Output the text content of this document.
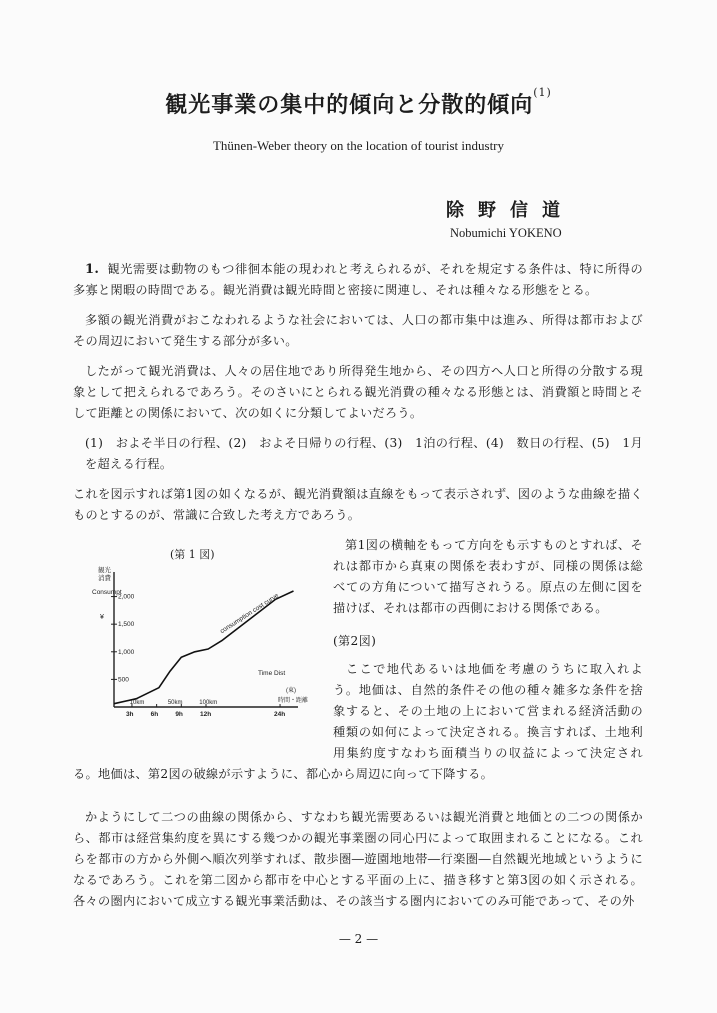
観光事業の集中的傾向と分散的傾向$^{(1)}$
Thünen-Weber theory on the location of tourist industry
除野信道
Nobumichi YOKENO
1. 観光需要は動物のもつ徘徊本能の現われと考えられるが、それを規定する条件は、特に所得の多寡と閑暇の時間である。観光消費は観光時間と密接に関連し、それは種々なる形態をとる。
多額の観光消費がおこなわれるような社会においては、人口の都市集中は進み、所得は都市およびその周辺において発生する部分が多い。
したがって観光消費は、人々の居住地であり所得発生地から、その四方へ人口と所得の分散する現象として把えられるであろう。そのさいにとられる観光消費の種々なる形態とは、消費額と時間とそして距離との関係において、次の如くに分類してよいだろう。
(1)　およそ半日の行程、(2)　およそ日帰りの行程、(3)　1泊の行程、(4)　数日の行程、(5)　1月を超える行程。
これを図示すれば第1図の如くなるが、観光消費額は直線をもって表示されず、図のような曲線を描くものとするのが、常識に合致した考え方であろう。
(第 1 図)
観光
消費
Consumpt
¥
Time Dist
(東)
時間・距離
500
1,000
1,500
2,000
3h	6h	9h	12h	24h
10km	50km	100km
consumption cost curve
第1図の横軸をもって方向をも示すものとすれば、それは都市から真東の関係を表わすが、同様の関係は総べての方角について描写されうる。原点の左側に図を描けば、それは都市の西側における関係である。
(第2図)
ここで地代あるいは地価を考慮のうちに取入れよう。地価は、自然的条件その他の種々雑多な条件を捨象すると、その土地の上において営まれる経済活動の種類の如何によって決定される。換言すれば、土地利用集約度すなわち面積当りの収益によって決定される。地価は、第2図の破線が示すように、都心から周辺に向って下降する。
かようにして二つの曲線の関係から、すなわち観光需要あるいは観光消費と地価との二つの関係から、都市は経営集約度を異にする幾つかの観光事業圏の同心円によって取囲まれることになる。これらを都市の方から外側へ順次列挙すれば、散歩圏―遊園地地帯―行楽圏―自然観光地域というようになるであろう。これを第二図から都市を中心とする平面の上に、描き移すと第3図の如く示される。各々の圏内において成立する観光事業活動は、その該当する圏内においてのみ可能であって、その外
— 2 —
